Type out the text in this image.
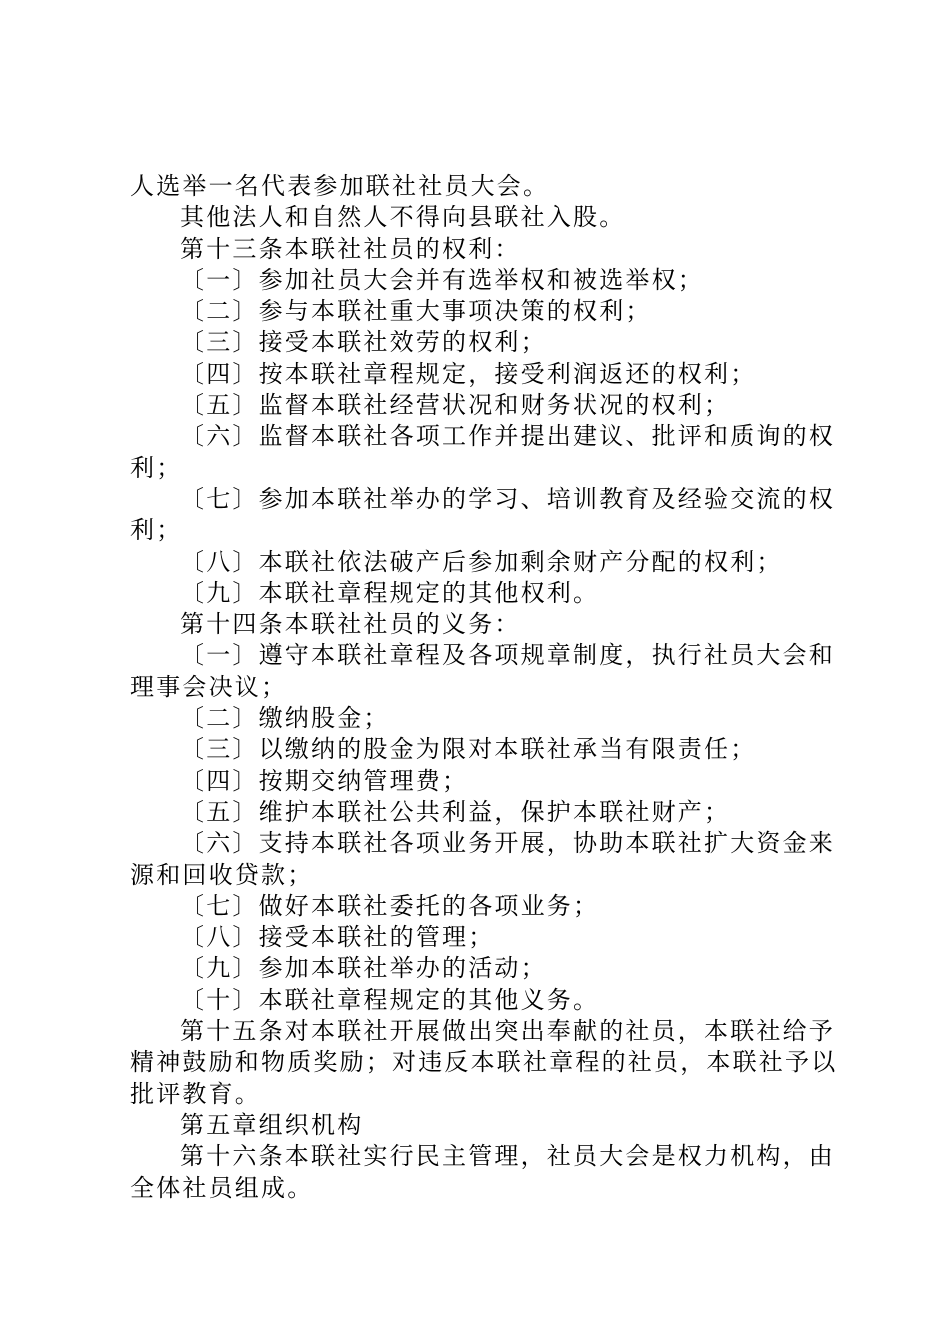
人选举一名代表参加联社社员大会。
其他法人和自然人不得向县联社入股。
第十三条本联社社员的权利：
〔一〕参加社员大会并有选举权和被选举权；
〔二〕参与本联社重大事项决策的权利；
〔三〕接受本联社效劳的权利；
〔四〕按本联社章程规定，接受利润返还的权利；
〔五〕监督本联社经营状况和财务状况的权利；
〔六〕监督本联社各项工作并提出建议、批评和质询的权
利；
〔七〕参加本联社举办的学习、培训教育及经验交流的权
利；
〔八〕本联社依法破产后参加剩余财产分配的权利；
〔九〕本联社章程规定的其他权利。
第十四条本联社社员的义务：
〔一〕遵守本联社章程及各项规章制度，执行社员大会和
理事会决议；
〔二〕缴纳股金；
〔三〕以缴纳的股金为限对本联社承当有限责任；
〔四〕按期交纳管理费；
〔五〕维护本联社公共利益，保护本联社财产；
〔六〕支持本联社各项业务开展，协助本联社扩大资金来
源和回收贷款；
〔七〕做好本联社委托的各项业务；
〔八〕接受本联社的管理；
〔九〕参加本联社举办的活动；
〔十〕本联社章程规定的其他义务。
第十五条对本联社开展做出突出奉献的社员，本联社给予
精神鼓励和物质奖励；对违反本联社章程的社员，本联社予以
批评教育。
第五章组织机构
第十六条本联社实行民主管理，社员大会是权力机构，由
全体社员组成。
